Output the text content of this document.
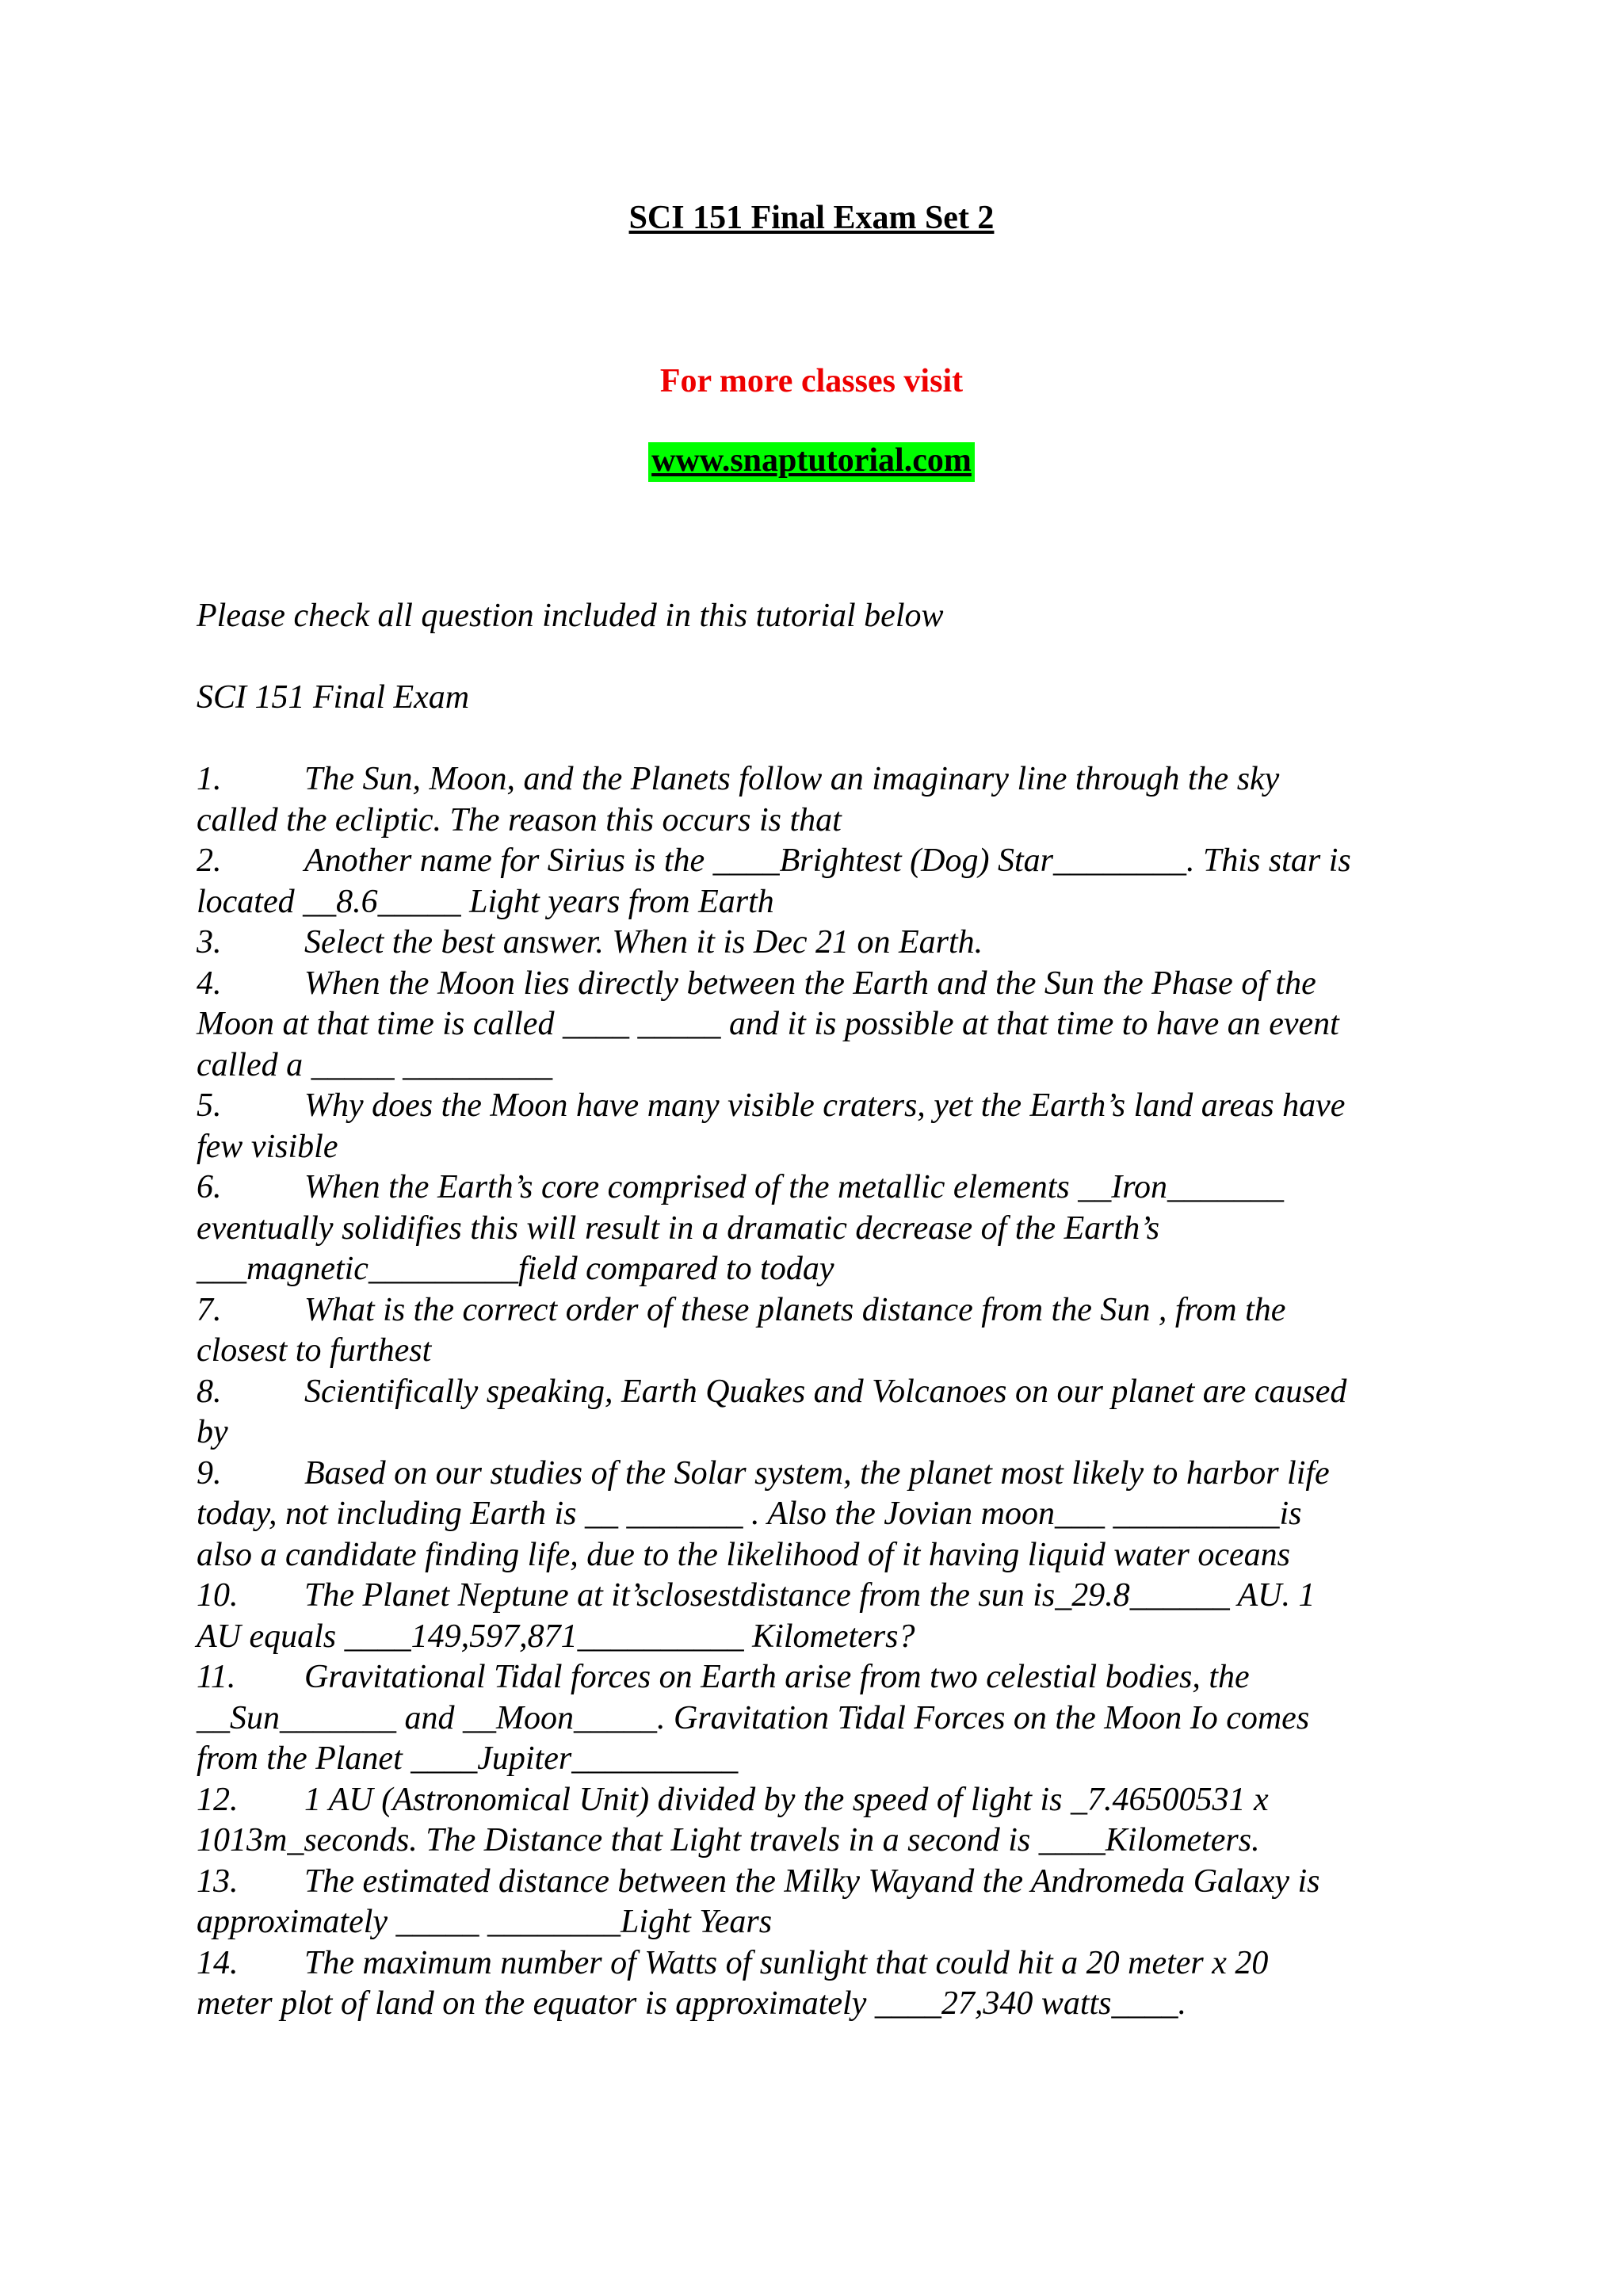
SCI 151 Final Exam Set 2
For more classes visit
www.snaptutorial.com
Please check all question included in this tutorial below
SCI 151 Final Exam
1. The Sun, Moon, and the Planets follow an imaginary line through the sky
called the ecliptic. The reason this occurs is that
2. Another name for Sirius is the ____Brightest (Dog) Star________. This star is
located __8.6_____ Light years from Earth
3. Select the best answer. When it is Dec 21 on Earth.
4. When the Moon lies directly between the Earth and the Sun the Phase of the
Moon at that time is called ____ _____ and it is possible at that time to have an event
called a _____ _________
5. Why does the Moon have many visible craters, yet the Earth’s land areas have
few visible
6. When the Earth’s core comprised of the metallic elements __Iron_______
eventually solidifies this will result in a dramatic decrease of the Earth’s
___magnetic_________field compared to today
7. What is the correct order of these planets distance from the Sun , from the
closest to furthest
8. Scientifically speaking, Earth Quakes and Volcanoes on our planet are caused
by
9. Based on our studies of the Solar system, the planet most likely to harbor life
today, not including Earth is __ _______ . Also the Jovian moon___ __________is
also a candidate finding life, due to the likelihood of it having liquid water oceans
10. The Planet Neptune at it’sclosestdistance from the sun is_29.8______ AU. 1
AU equals ____149,597,871__________ Kilometers?
11. Gravitational Tidal forces on Earth arise from two celestial bodies, the
__Sun_______ and __Moon_____. Gravitation Tidal Forces on the Moon Io comes
from the Planet ____Jupiter__________
12. 1 AU (Astronomical Unit) divided by the speed of light is _7.46500531 x
1013m_seconds. The Distance that Light travels in a second is ____Kilometers.
13. The estimated distance between the Milky Wayand the Andromeda Galaxy is
approximately _____ ________Light Years
14. The maximum number of Watts of sunlight that could hit a 20 meter x 20
meter plot of land on the equator is approximately ____27,340 watts____.
